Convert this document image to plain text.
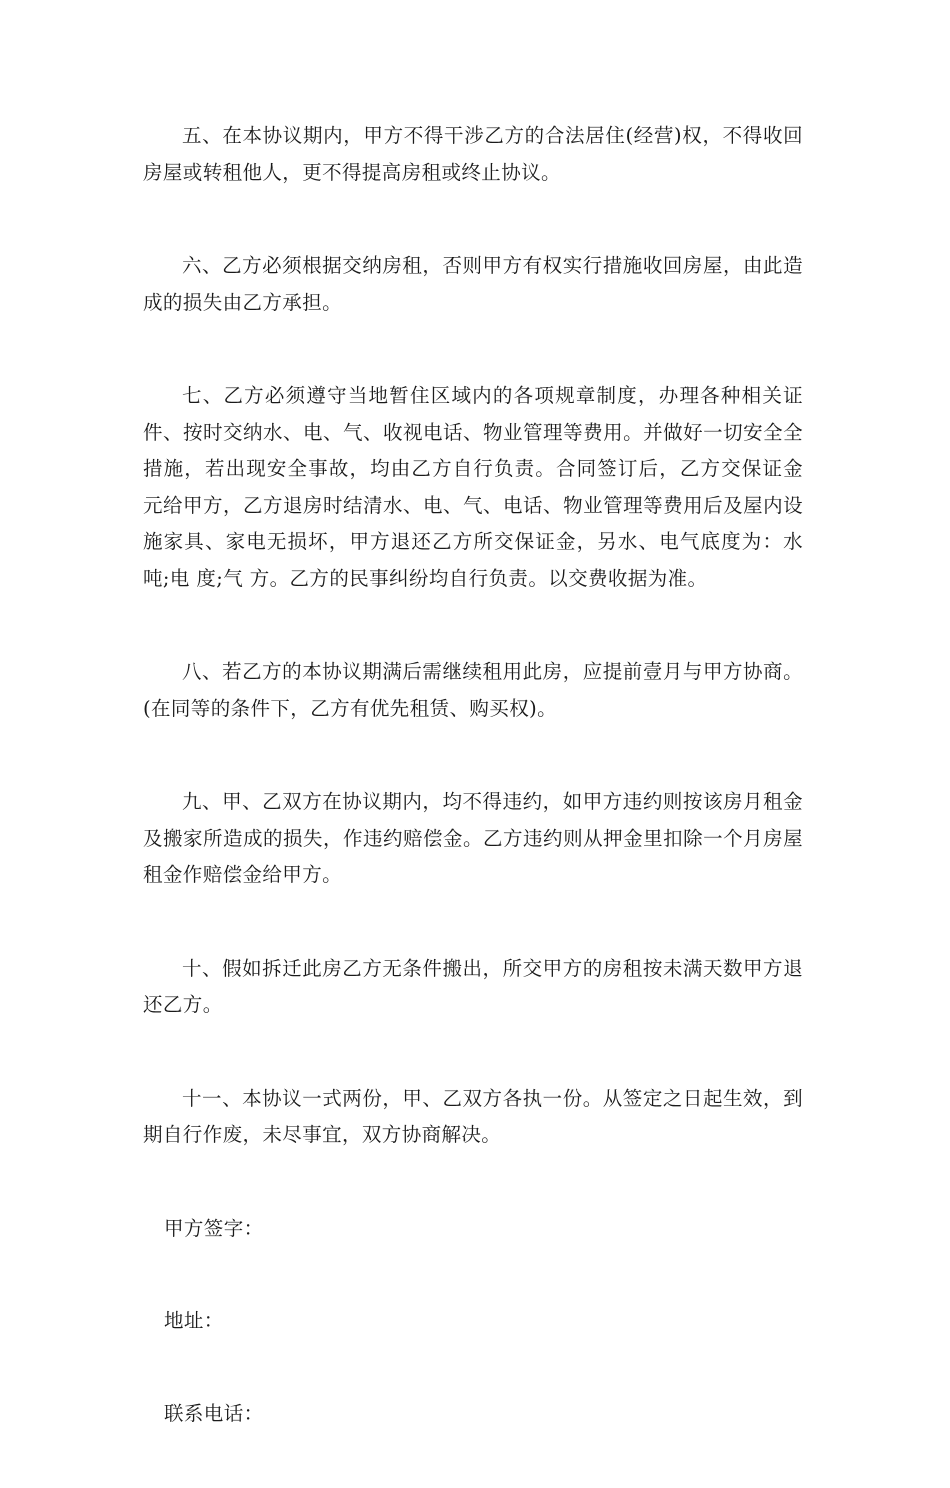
五、在本协议期内，甲方不得干涉乙方的合法居住(经营)权，不得收回房屋或转租他人，更不得提高房租或终止协议。

六、乙方必须根据交纳房租，否则甲方有权实行措施收回房屋，由此造成的损失由乙方承担。

七、乙方必须遵守当地暂住区域内的各项规章制度，办理各种相关证件、按时交纳水、电、气、收视电话、物业管理等费用。并做好一切安全全措施，若出现安全事故，均由乙方自行负责。合同签订后，乙方交保证金 元给甲方，乙方退房时结清水、电、气、电话、物业管理等费用后及屋内设施家具、家电无损坏，甲方退还乙方所交保证金，另水、电气底度为：水 吨;电 度;气 方。乙方的民事纠纷均自行负责。以交费收据为准。

八、若乙方的本协议期满后需继续租用此房，应提前壹月与甲方协商。(在同等的条件下，乙方有优先租赁、购买权)。

九、甲、乙双方在协议期内，均不得违约，如甲方违约则按该房月租金及搬家所造成的损失，作违约赔偿金。乙方违约则从押金里扣除一个月房屋租金作赔偿金给甲方。

十、假如拆迁此房乙方无条件搬出，所交甲方的房租按未满天数甲方退还乙方。

十一、本协议一式两份，甲、乙双方各执一份。从签定之日起生效，到期自行作废，未尽事宜，双方协商解决。

甲方签字：
地址：
联系电话：
